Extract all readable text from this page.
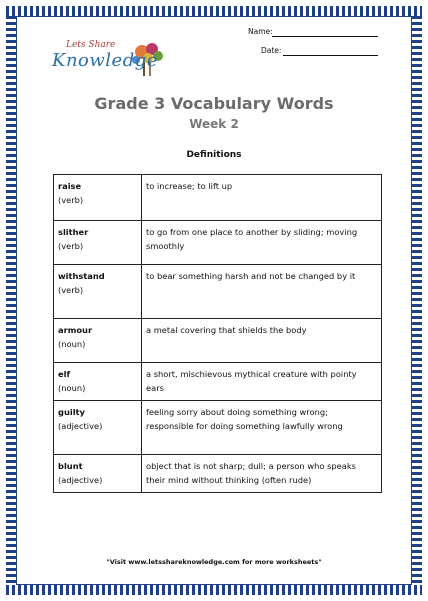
Lets Share
Knowledge
Name:
Date:
Grade 3 Vocabulary Words
Week 2
Definitions
raise
(verb)	to increase; to lift up

slither
(verb)	to go from one place to another by sliding; moving smoothly

withstand
(verb)	to bear something harsh and not be changed by it

armour
(noun)	a metal covering that shields the body

elf
(noun)	a short, mischievous mythical creature with pointy ears

guilty
(adjective)	feeling sorry about doing something wrong; responsible for doing something lawfully wrong

blunt
(adjective)	object that is not sharp; dull; a person who speaks their mind without thinking (often rude)
"Visit www.letsshareknowledge.com for more worksheets"
